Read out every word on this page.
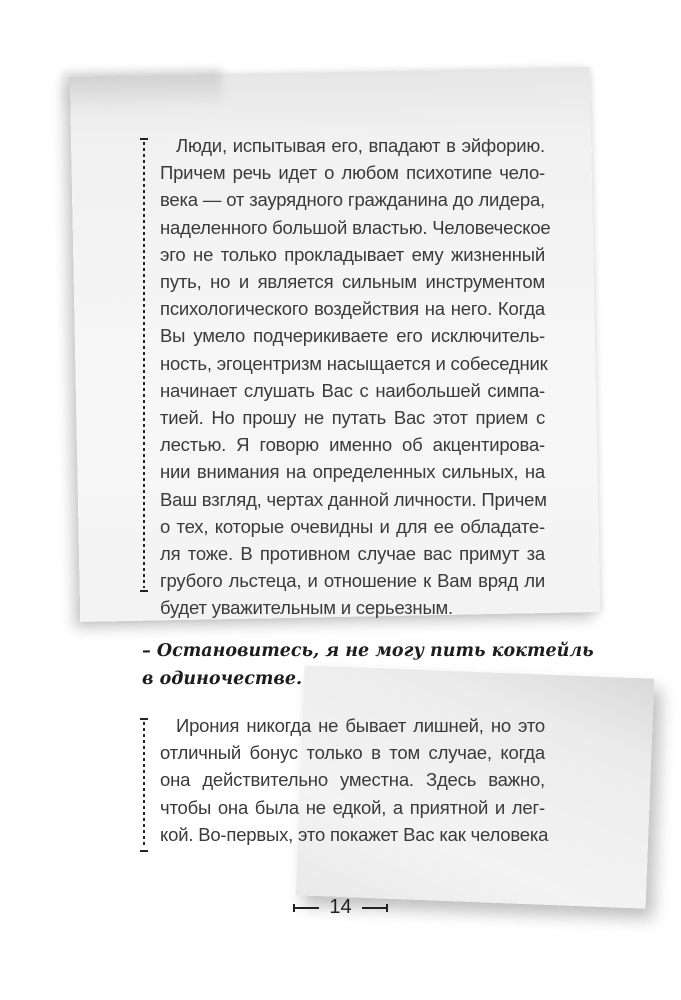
Люди, испытывая его, впадают в эйфорию.
Причем речь идет о любом психотипе чело-
века — от заурядного гражданина до лидера,
наделенного большой властью. Человеческое
эго не только прокладывает ему жизненный
путь, но и является сильным инструментом
психологического воздействия на него. Когда
Вы умело подчерикиваете его исключитель-
ность, эгоцентризм насыщается и собеседник
начинает слушать Вас с наибольшей симпа-
тией. Но прошу не путать Вас этот прием с
лестью. Я говорю именно об акцентирова-
нии внимания на определенных сильных, на
Ваш взгляд, чертах данной личности. Причем
о тех, которые очевидны и для ее обладате-
ля тоже. В противном случае вас примут за
грубого льстеца, и отношение к Вам вряд ли
будет уважительным и серьезным.
– Остановитесь, я не могу пить коктейль
в одиночестве.
Ирония никогда не бывает лишней, но это
отличный бонус только в том случае, когда
она действительно уместна. Здесь важно,
чтобы она была не едкой, а приятной и лег-
кой. Во-первых, это покажет Вас как человека
14
